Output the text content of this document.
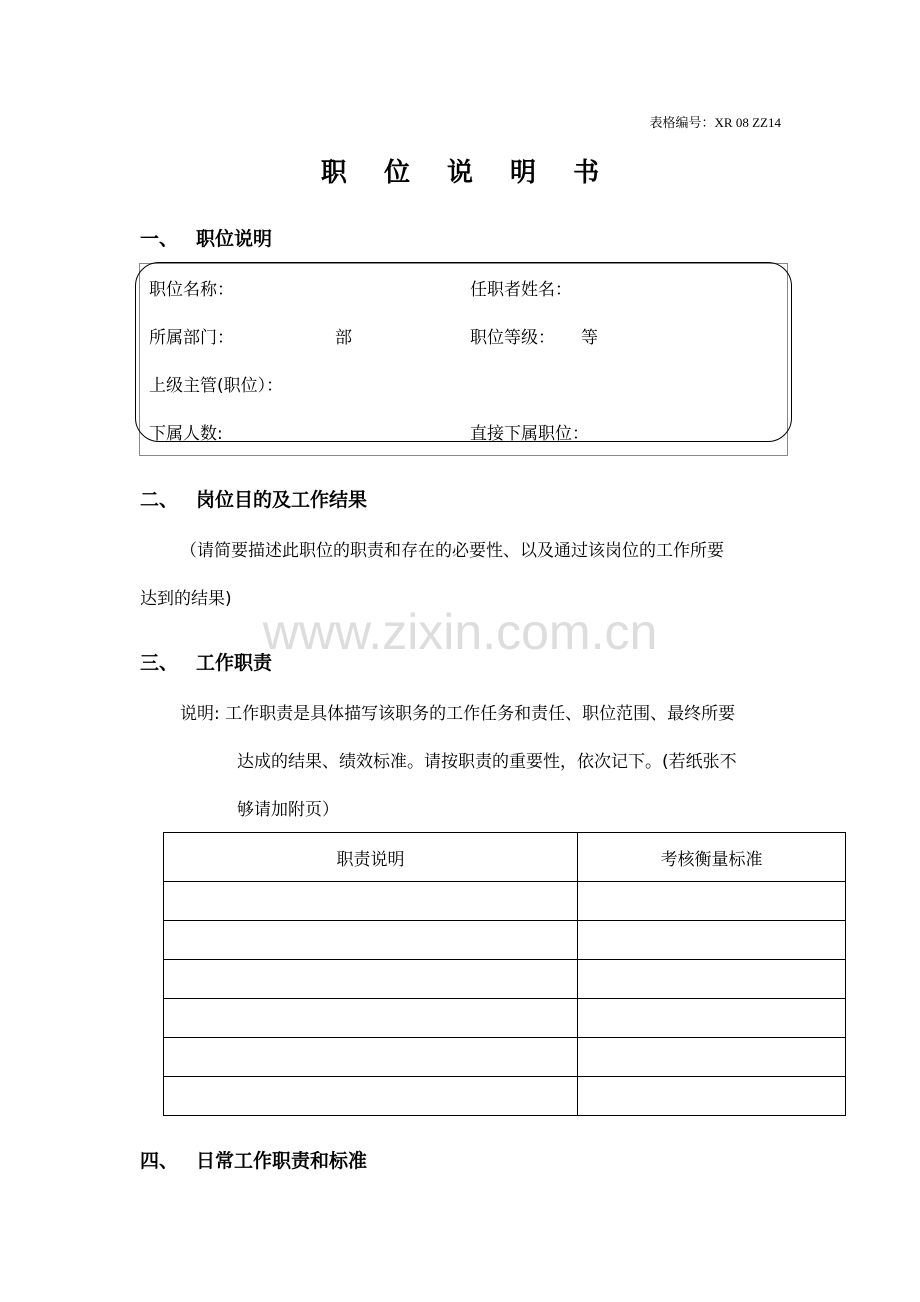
表格编号：XR 08 ZZ14
职 位 说 明 书
一、 职位说明
职位名称：	任职者姓名：
所属部门：	部	职位等级： 等
上级主管(职位）：
下属人数:	直接下属职位：
二、 岗位目的及工作结果
（请简要描述此职位的职责和存在的必要性、以及通过该岗位的工作所要
达到的结果)
www.zixin.com.cn
三、 工作职责
说明: 工作职责是具体描写该职务的工作任务和责任、职位范围、最终所要
达成的结果、绩效标准。请按职责的重要性，依次记下。(若纸张不
够请加附页）
职责说明	考核衡量标准

四、 日常工作职责和标准
